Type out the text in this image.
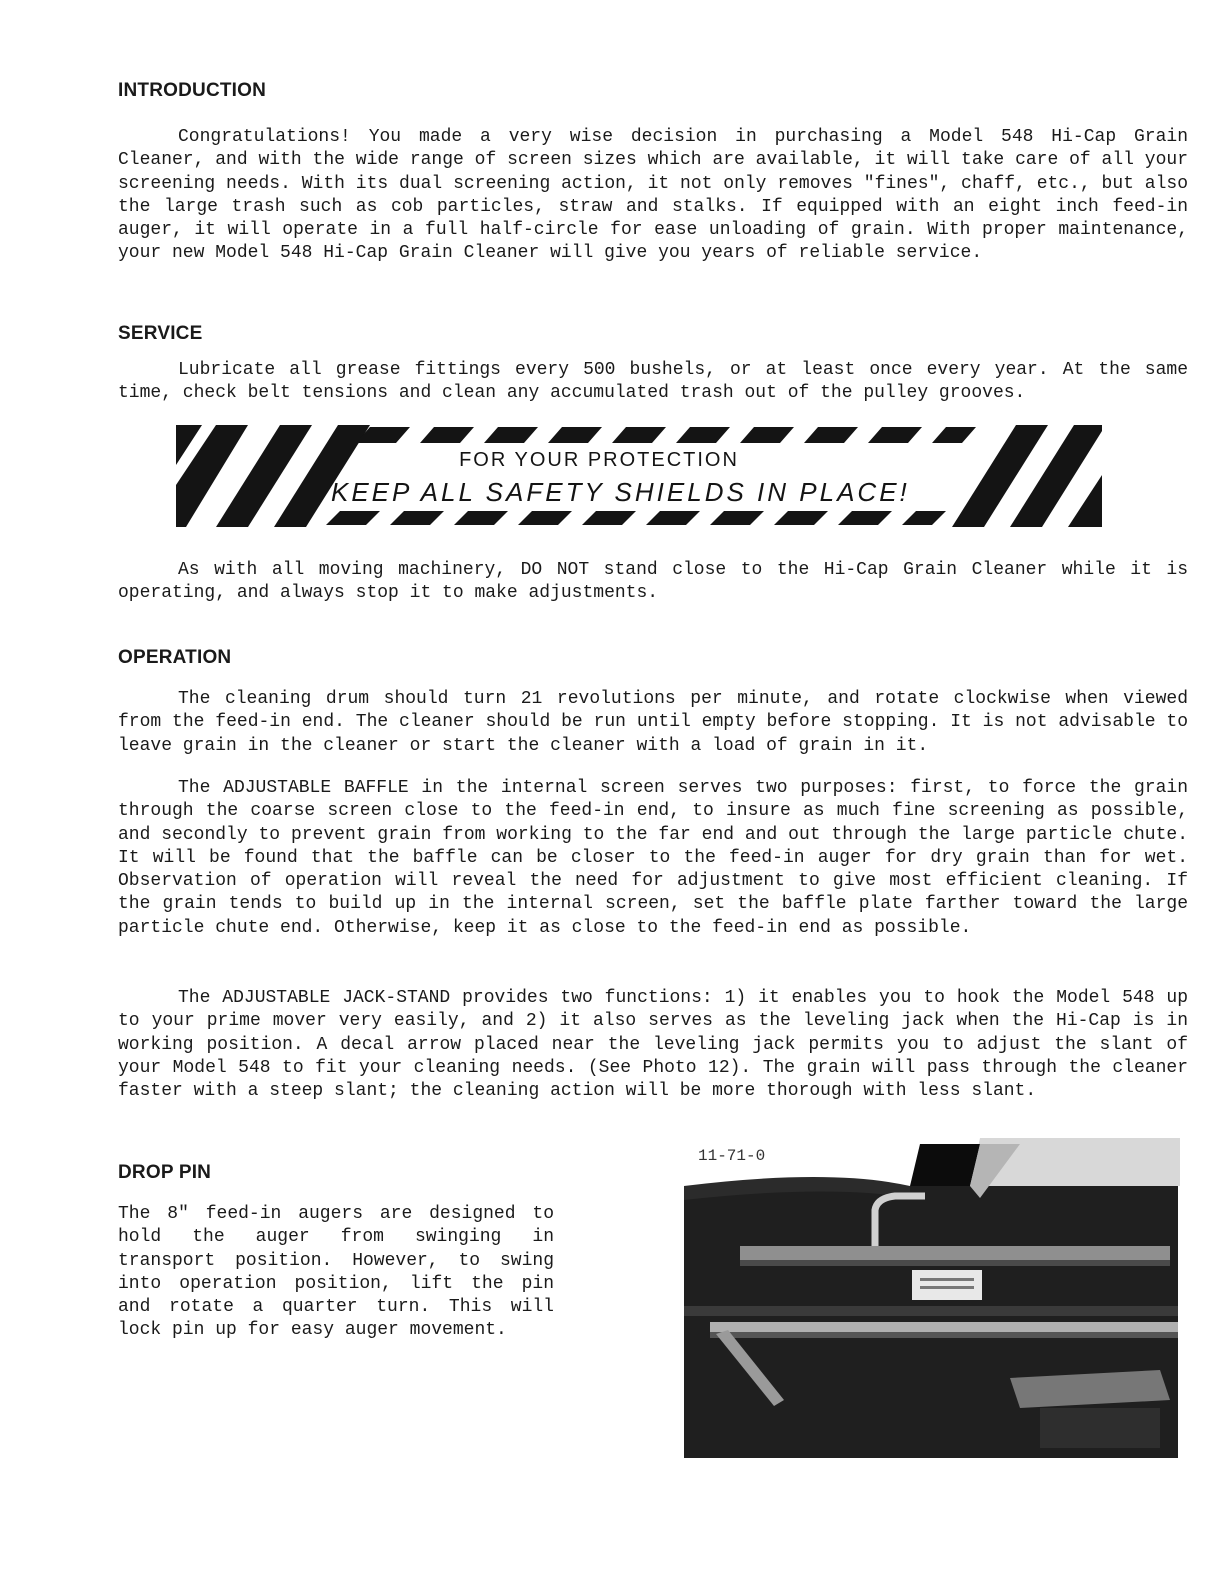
INTRODUCTION

Congratulations! You made a very wise decision in purchasing a Model 548 Hi-Cap Grain Cleaner, and with the wide range of screen sizes which are available, it will take care of all your screening needs. With its dual screening action, it not only removes "fines", chaff, etc., but also the large trash such as cob particles, straw and stalks. If equipped with an eight inch feed-in auger, it will operate in a full half-circle for ease unloading of grain. With proper maintenance, your new Model 548 Hi-Cap Grain Cleaner will give you years of reliable service.

SERVICE

Lubricate all grease fittings every 500 bushels, or at least once every year. At the same time, check belt tensions and clean any accumulated trash out of the pulley grooves.

FOR YOUR PROTECTION
KEEP ALL SAFETY SHIELDS IN PLACE!

As with all moving machinery, DO NOT stand close to the Hi-Cap Grain Cleaner while it is operating, and always stop it to make adjustments.

OPERATION

The cleaning drum should turn 21 revolutions per minute, and rotate clockwise when viewed from the feed-in end. The cleaner should be run until empty before stopping. It is not advisable to leave grain in the cleaner or start the cleaner with a load of grain in it.

The ADJUSTABLE BAFFLE in the internal screen serves two purposes: first, to force the grain through the coarse screen close to the feed-in end, to insure as much fine screening as possible, and secondly to prevent grain from working to the far end and out through the large particle chute. It will be found that the baffle can be closer to the feed-in auger for dry grain than for wet. Observation of operation will reveal the need for adjustment to give most efficient cleaning. If the grain tends to build up in the internal screen, set the baffle plate farther toward the large particle chute end. Otherwise, keep it as close to the feed-in end as possible.

The ADJUSTABLE JACK-STAND provides two functions: 1) it enables you to hook the Model 548 up to your prime mover very easily, and 2) it also serves as the leveling jack when the Hi-Cap is in working position. A decal arrow placed near the leveling jack permits you to adjust the slant of your Model 548 to fit your cleaning needs. (See Photo 12). The grain will pass through the cleaner faster with a steep slant; the cleaning action will be more thorough with less slant.

DROP PIN

The 8" feed-in augers are designed to hold the auger from swinging in transport position. However, to swing into operation position, lift the pin and rotate a quarter turn. This will lock pin up for easy auger movement.

11-71-0
